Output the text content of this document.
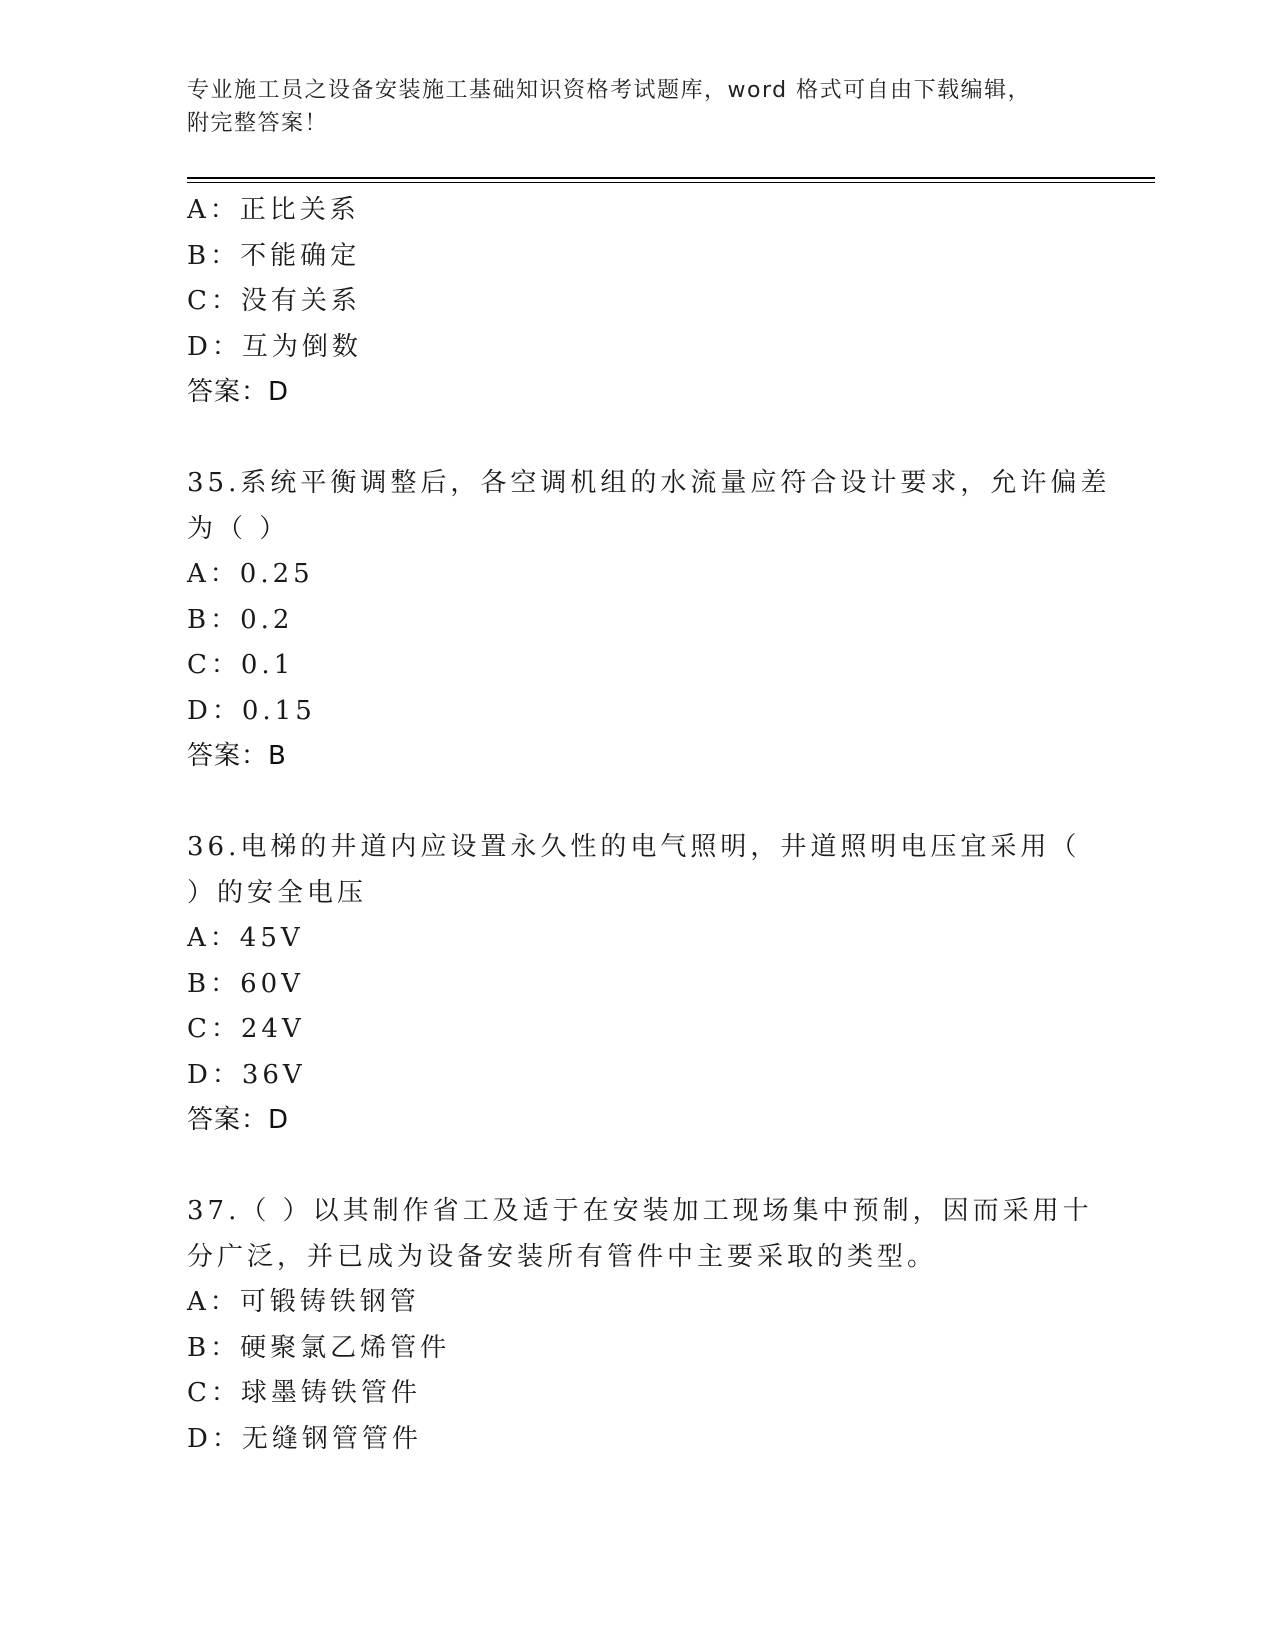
专业施工员之设备安装施工基础知识资格考试题库，word 格式可自由下载编辑，
附完整答案！
A：正比关系
B：不能确定
C：没有关系
D：互为倒数
答案：D
35.系统平衡调整后，各空调机组的水流量应符合设计要求，允许偏差
为（ ）
A：0.25
B：0.2
C：0.1
D：0.15
答案：B
36.电梯的井道内应设置永久性的电气照明，井道照明电压宜采用（
）的安全电压
A：45V
B：60V
C：24V
D：36V
答案：D
37.（ ）以其制作省工及适于在安装加工现场集中预制，因而采用十
分广泛，并已成为设备安装所有管件中主要采取的类型。
A：可锻铸铁钢管
B：硬聚氯乙烯管件
C：球墨铸铁管件
D：无缝钢管管件
